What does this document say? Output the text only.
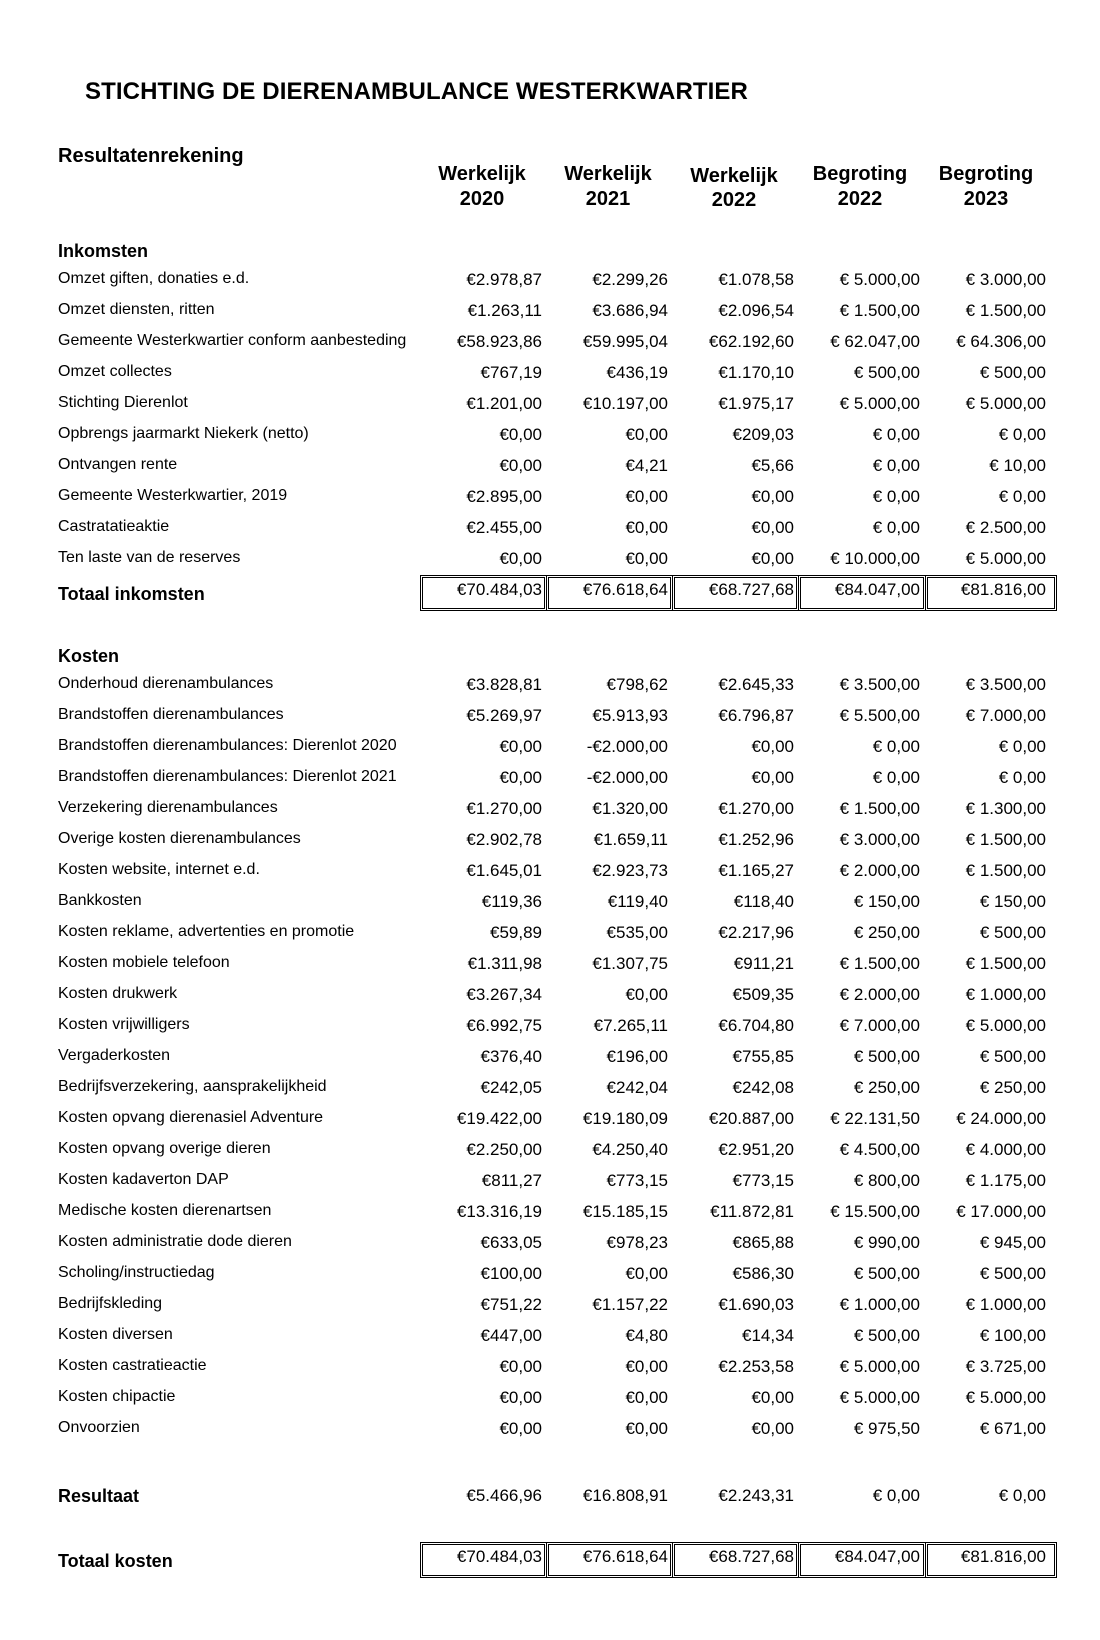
STICHTING DE DIERENAMBULANCE WESTERKWARTIER
Resultatenrekening
Werkelijk
2020
Werkelijk
2021
Werkelijk
2022
Begroting
2022
Begroting
2023
Inkomsten
Omzet giften, donaties e.d.	€2.978,87	€2.299,26	€1.078,58	€ 5.000,00	€ 3.000,00
Omzet diensten, ritten	€1.263,11	€3.686,94	€2.096,54	€ 1.500,00	€ 1.500,00
Gemeente Westerkwartier conform aanbesteding	€58.923,86	€59.995,04	€62.192,60	€ 62.047,00	€ 64.306,00
Omzet collectes	€767,19	€436,19	€1.170,10	€ 500,00	€ 500,00
Stichting Dierenlot	€1.201,00	€10.197,00	€1.975,17	€ 5.000,00	€ 5.000,00
Opbrengs jaarmarkt Niekerk (netto)	€0,00	€0,00	€209,03	€ 0,00	€ 0,00
Ontvangen rente	€0,00	€4,21	€5,66	€ 0,00	€ 10,00
Gemeente Westerkwartier, 2019	€2.895,00	€0,00	€0,00	€ 0,00	€ 0,00
Castratatieaktie	€2.455,00	€0,00	€0,00	€ 0,00	€ 2.500,00
Ten laste van de reserves	€0,00	€0,00	€0,00	€ 10.000,00	€ 5.000,00
Totaal inkomsten	€70.484,03	€76.618,64	€68.727,68	€84.047,00	€81.816,00
Kosten
Onderhoud dierenambulances	€3.828,81	€798,62	€2.645,33	€ 3.500,00	€ 3.500,00
Brandstoffen dierenambulances	€5.269,97	€5.913,93	€6.796,87	€ 5.500,00	€ 7.000,00
Brandstoffen dierenambulances: Dierenlot 2020	€0,00	-€2.000,00	€0,00	€ 0,00	€ 0,00
Brandstoffen dierenambulances: Dierenlot 2021	€0,00	-€2.000,00	€0,00	€ 0,00	€ 0,00
Verzekering dierenambulances	€1.270,00	€1.320,00	€1.270,00	€ 1.500,00	€ 1.300,00
Overige kosten dierenambulances	€2.902,78	€1.659,11	€1.252,96	€ 3.000,00	€ 1.500,00
Kosten website, internet e.d.	€1.645,01	€2.923,73	€1.165,27	€ 2.000,00	€ 1.500,00
Bankkosten	€119,36	€119,40	€118,40	€ 150,00	€ 150,00
Kosten reklame, advertenties en promotie	€59,89	€535,00	€2.217,96	€ 250,00	€ 500,00
Kosten mobiele telefoon	€1.311,98	€1.307,75	€911,21	€ 1.500,00	€ 1.500,00
Kosten drukwerk	€3.267,34	€0,00	€509,35	€ 2.000,00	€ 1.000,00
Kosten vrijwilligers	€6.992,75	€7.265,11	€6.704,80	€ 7.000,00	€ 5.000,00
Vergaderkosten	€376,40	€196,00	€755,85	€ 500,00	€ 500,00
Bedrijfsverzekering, aansprakelijkheid	€242,05	€242,04	€242,08	€ 250,00	€ 250,00
Kosten opvang dierenasiel Adventure	€19.422,00	€19.180,09	€20.887,00	€ 22.131,50	€ 24.000,00
Kosten opvang overige dieren	€2.250,00	€4.250,40	€2.951,20	€ 4.500,00	€ 4.000,00
Kosten kadaverton DAP	€811,27	€773,15	€773,15	€ 800,00	€ 1.175,00
Medische kosten dierenartsen	€13.316,19	€15.185,15	€11.872,81	€ 15.500,00	€ 17.000,00
Kosten administratie dode dieren	€633,05	€978,23	€865,88	€ 990,00	€ 945,00
Scholing/instructiedag	€100,00	€0,00	€586,30	€ 500,00	€ 500,00
Bedrijfskleding	€751,22	€1.157,22	€1.690,03	€ 1.000,00	€ 1.000,00
Kosten diversen	€447,00	€4,80	€14,34	€ 500,00	€ 100,00
Kosten castratieactie	€0,00	€0,00	€2.253,58	€ 5.000,00	€ 3.725,00
Kosten chipactie	€0,00	€0,00	€0,00	€ 5.000,00	€ 5.000,00
Onvoorzien	€0,00	€0,00	€0,00	€ 975,50	€ 671,00
Resultaat	€5.466,96	€16.808,91	€2.243,31	€ 0,00	€ 0,00
Totaal kosten	€70.484,03	€76.618,64	€68.727,68	€84.047,00	€81.816,00
